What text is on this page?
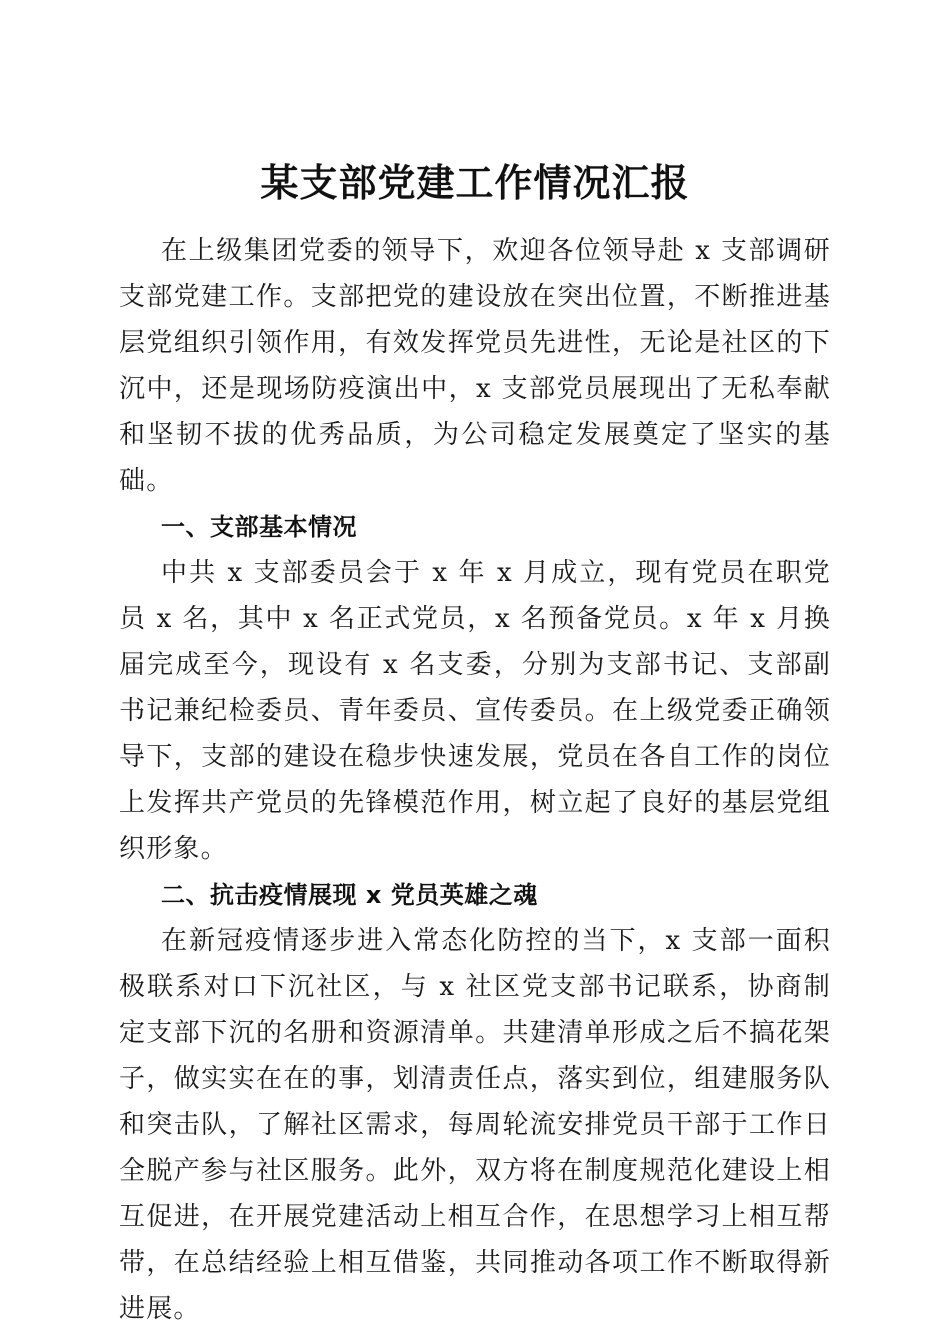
某支部党建工作情况汇报

在上级集团党委的领导下，欢迎各位领导赴 x 支部调研支部党建工作。支部把党的建设放在突出位置，不断推进基层党组织引领作用，有效发挥党员先进性，无论是社区的下沉中，还是现场防疫演出中，x 支部党员展现出了无私奉献和坚韧不拔的优秀品质，为公司稳定发展奠定了坚实的基础。

一、支部基本情况

中共 x 支部委员会于 x 年 x 月成立，现有党员在职党员 x 名，其中 x 名正式党员，x 名预备党员。x 年 x 月换届完成至今，现设有 x 名支委，分别为支部书记、支部副书记兼纪检委员、青年委员、宣传委员。在上级党委正确领导下，支部的建设在稳步快速发展，党员在各自工作的岗位上发挥共产党员的先锋模范作用，树立起了良好的基层党组织形象。

二、抗击疫情展现 x 党员英雄之魂

在新冠疫情逐步进入常态化防控的当下，x 支部一面积极联系对口下沉社区，与 x 社区党支部书记联系，协商制定支部下沉的名册和资源清单。共建清单形成之后不搞花架子，做实实在在的事，划清责任点，落实到位，组建服务队和突击队，了解社区需求，每周轮流安排党员干部于工作日全脱产参与社区服务。此外，双方将在制度规范化建设上相互促进，在开展党建活动上相互合作，在思想学习上相互帮带，在总结经验上相互借鉴，共同推动各项工作不断取得新进展。
